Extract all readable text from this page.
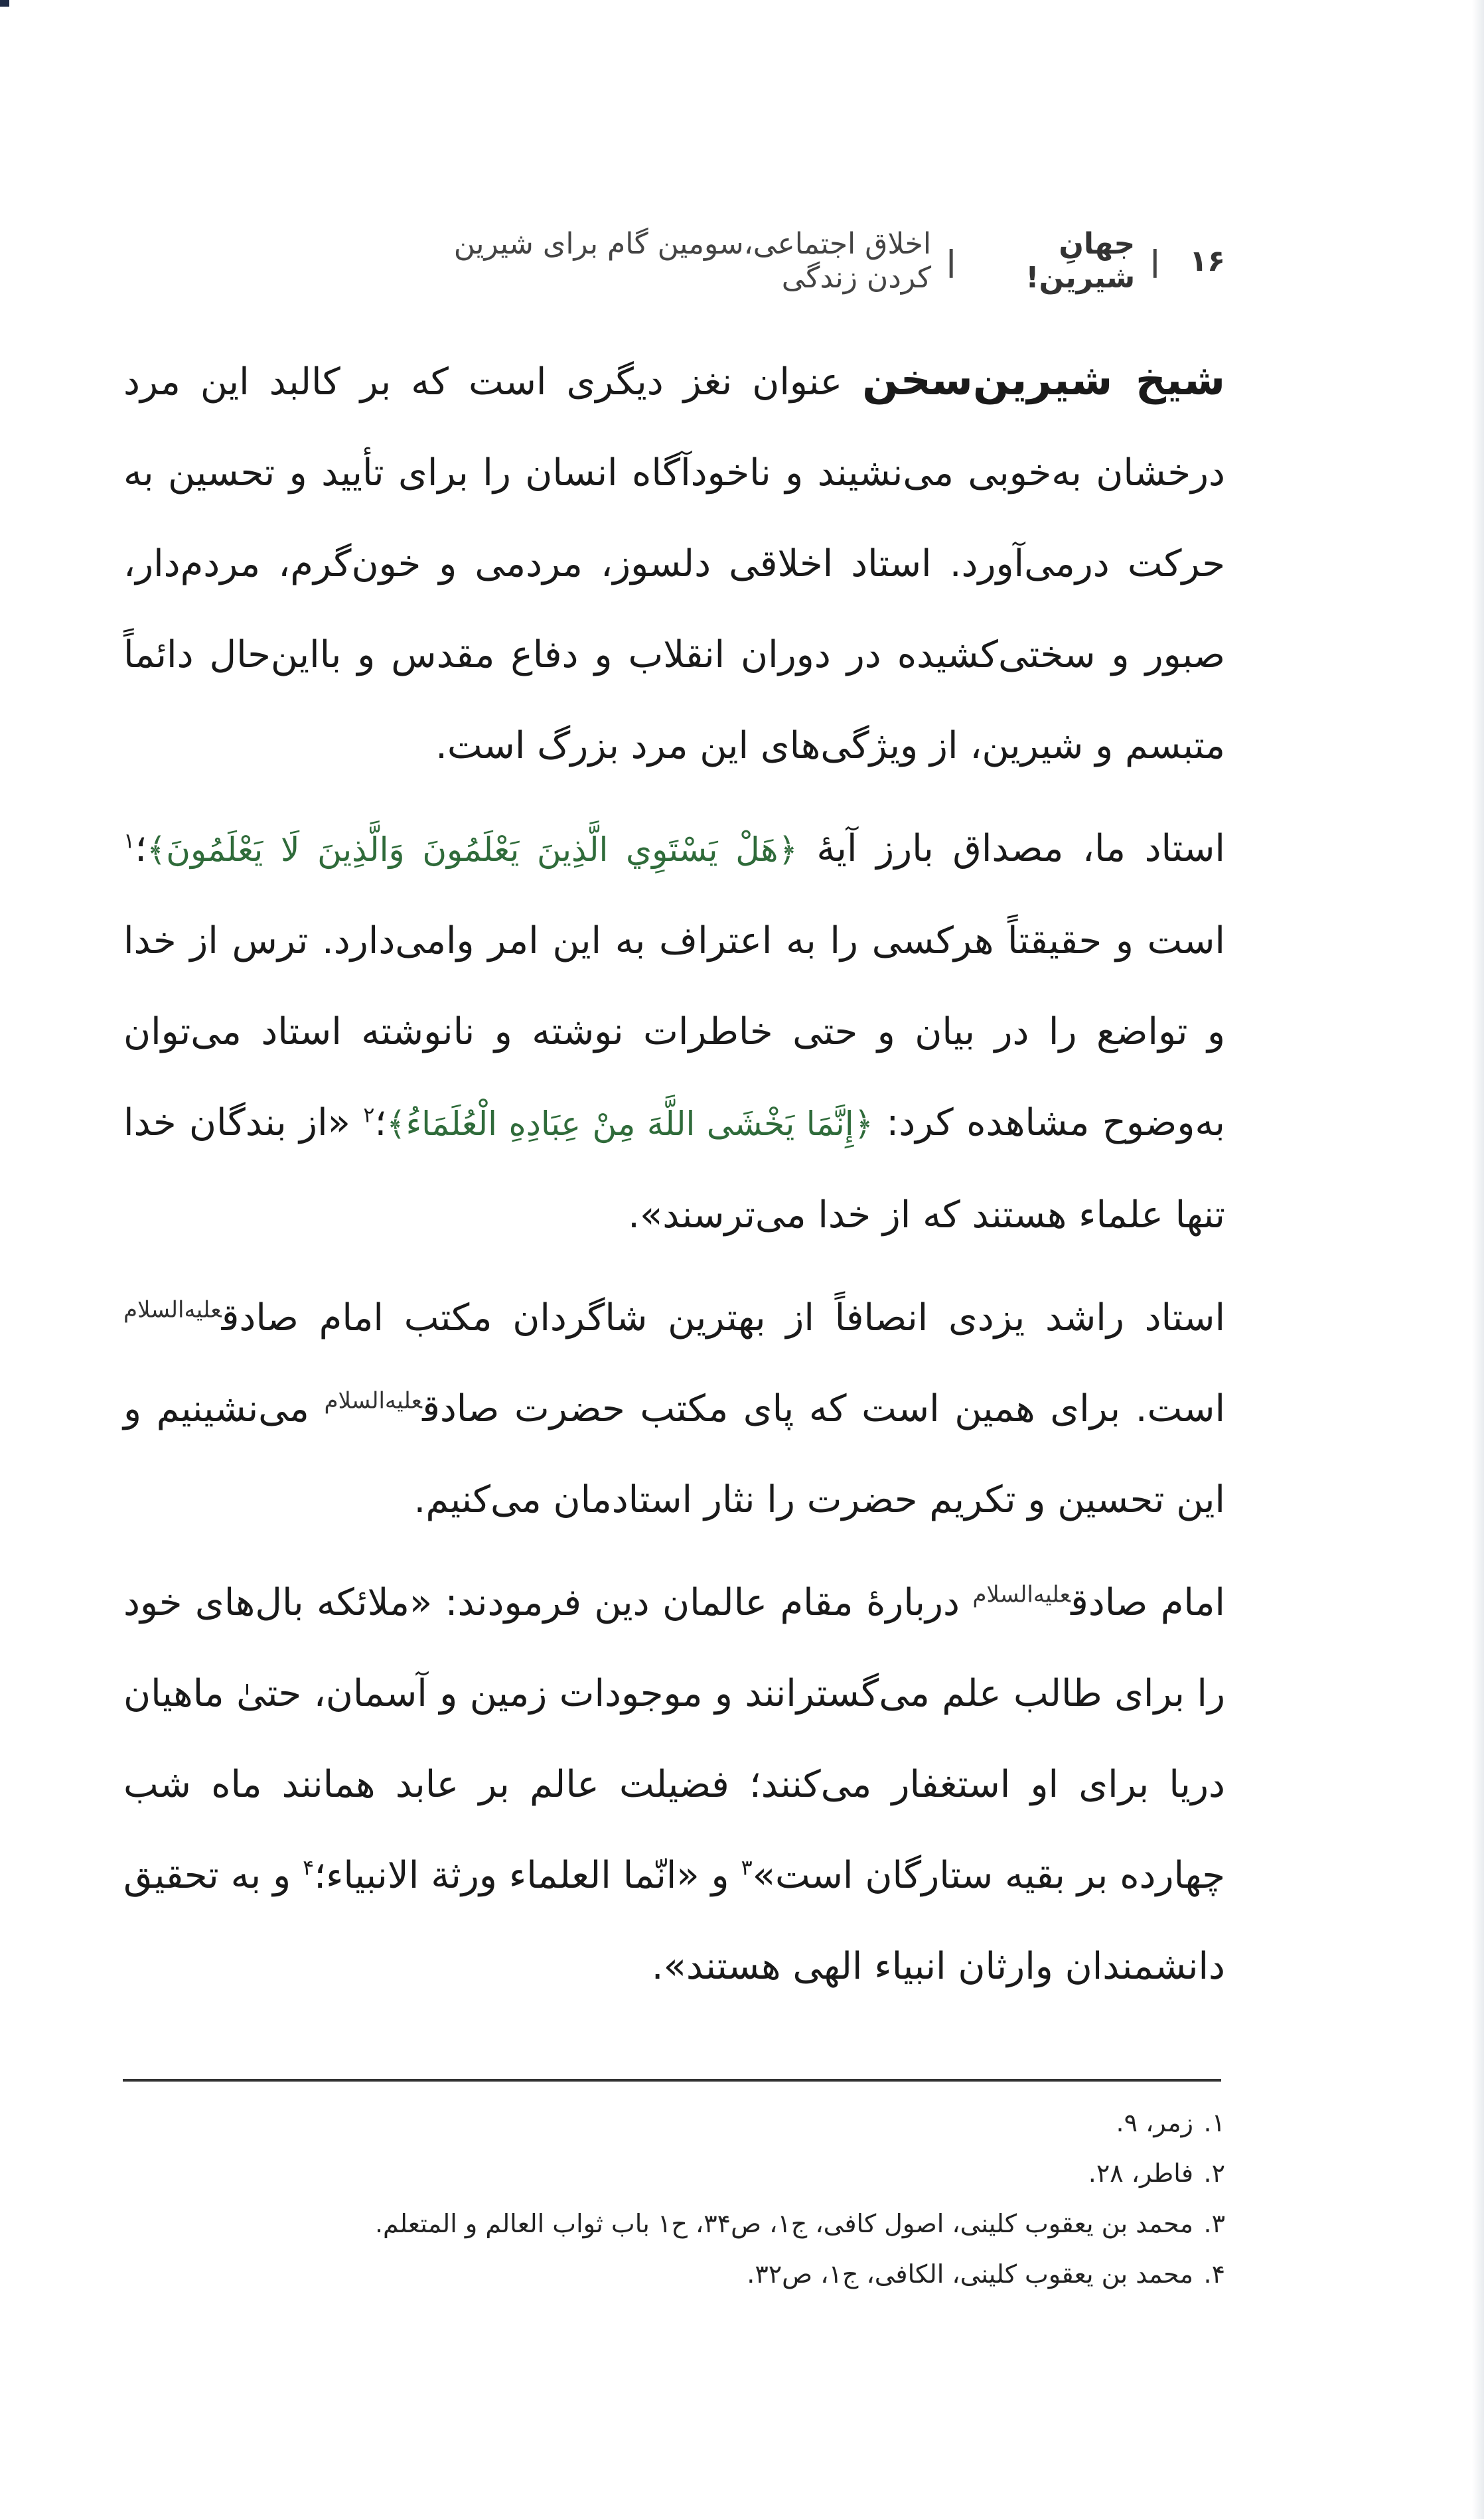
۱۶
|
جهانِ شیرین!
|
اخلاق اجتماعی،سومین گام برای شیرین کردن زندگی

شیخ شیرین‌سخن عنوان نغز دیگری است که بر کالبد این مرد درخشان به‌خوبی می‌نشیند و ناخودآگاه انسان را برای تأیید و تحسین به حرکت درمی‌آورد. استاد اخلاقی دلسوز، مردمی و خون‌گرم، مردم‌دار، صبور و سختی‌کشیده در دوران انقلاب و دفاع مقدس و بااین‌حال دائماً متبسم و شیرین، از ویژگی‌های این مرد بزرگ است.

استاد ما، مصداق بارز آیهٔ ﴿هَلْ يَسْتَوِي الَّذِينَ يَعْلَمُونَ وَالَّذِينَ لَا يَعْلَمُونَ﴾؛$^۱$ است و حقیقتاً هرکسی را به اعتراف به این امر وامی‌دارد. ترس از خدا و تواضع را در بیان و حتی خاطرات نوشته و نانوشته استاد می‌توان به‌وضوح مشاهده کرد: ﴿إِنَّمَا يَخْشَى اللَّهَ مِنْ عِبَادِهِ الْعُلَمَاءُ﴾؛$^۲$ «از بندگان خدا تنها علماء هستند که از خدا می‌ترسند».

استاد راشد یزدی انصافاً از بهترین شاگردان مکتب امام صادق$^{علیه‌السلام}$ است. برای همین است که پای مکتب حضرت صادق$^{علیه‌السلام}$ می‌نشینیم و این تحسین و تکریم حضرت را نثار استادمان می‌کنیم.

امام صادق$^{علیه‌السلام}$ دربارهٔ مقام عالمان دین فرمودند: «ملائکه بال‌های خود را برای طالب علم می‌گسترانند و موجودات زمین و آسمان، حتیٰ ماهیان دریا برای او استغفار می‌کنند؛ فضیلت عالم بر عابد همانند ماه شب چهارده بر بقیه ستارگان است»$^۳$ و «انّما العلماء ورثة الانبیاء؛$^۴$ و به تحقیق دانشمندان وارثان انبیاء الهی هستند».

۱.
زمر، ۹.
۲.
فاطر، ۲۸.
۳.
محمد بن یعقوب کلینی، اصول کافی، ج۱، ص۳۴، ح۱ باب ثواب العالم و المتعلم.
۴.
محمد بن یعقوب کلینی، الکافی، ج۱، ص۳۲.
